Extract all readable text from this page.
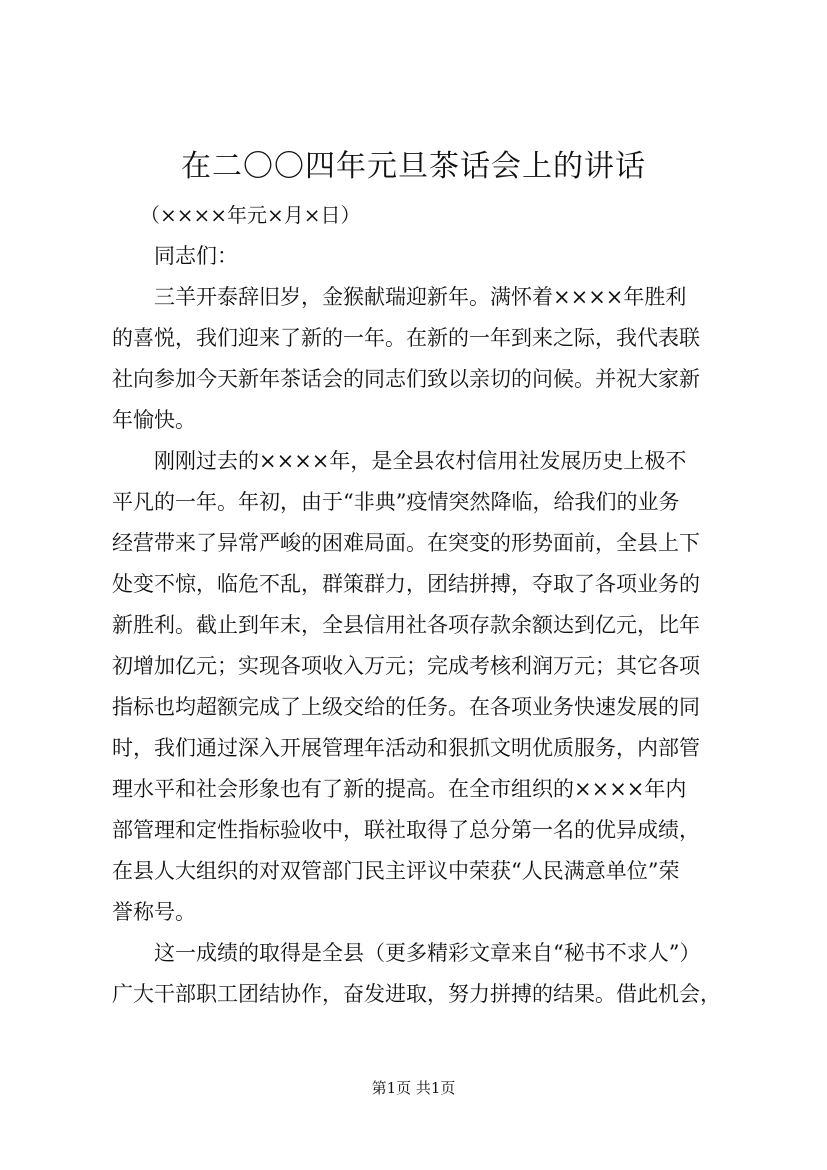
在二〇〇四年元旦茶话会上的讲话
（××××年元×月×日）
同志们：
三羊开泰辞旧岁，金猴献瑞迎新年。满怀着××××年胜利
的喜悦，我们迎来了新的一年。在新的一年到来之际，我代表联
社向参加今天新年茶话会的同志们致以亲切的问候。并祝大家新
年愉快。
刚刚过去的××××年，是全县农村信用社发展历史上极不
平凡的一年。年初，由于“非典”疫情突然降临，给我们的业务
经营带来了异常严峻的困难局面。在突变的形势面前，全县上下
处变不惊，临危不乱，群策群力，团结拼搏，夺取了各项业务的
新胜利。截止到年末，全县信用社各项存款余额达到亿元，比年
初增加亿元；实现各项收入万元；完成考核利润万元；其它各项
指标也均超额完成了上级交给的任务。在各项业务快速发展的同
时，我们通过深入开展管理年活动和狠抓文明优质服务，内部管
理水平和社会形象也有了新的提高。在全市组织的××××年内
部管理和定性指标验收中，联社取得了总分第一名的优异成绩，
在县人大组织的对双管部门民主评议中荣获“人民满意单位”荣
誉称号。
这一成绩的取得是全县（更多精彩文章来自“秘书不求人”）
广大干部职工团结协作，奋发进取，努力拼搏的结果。借此机会，
第1页 共1页
